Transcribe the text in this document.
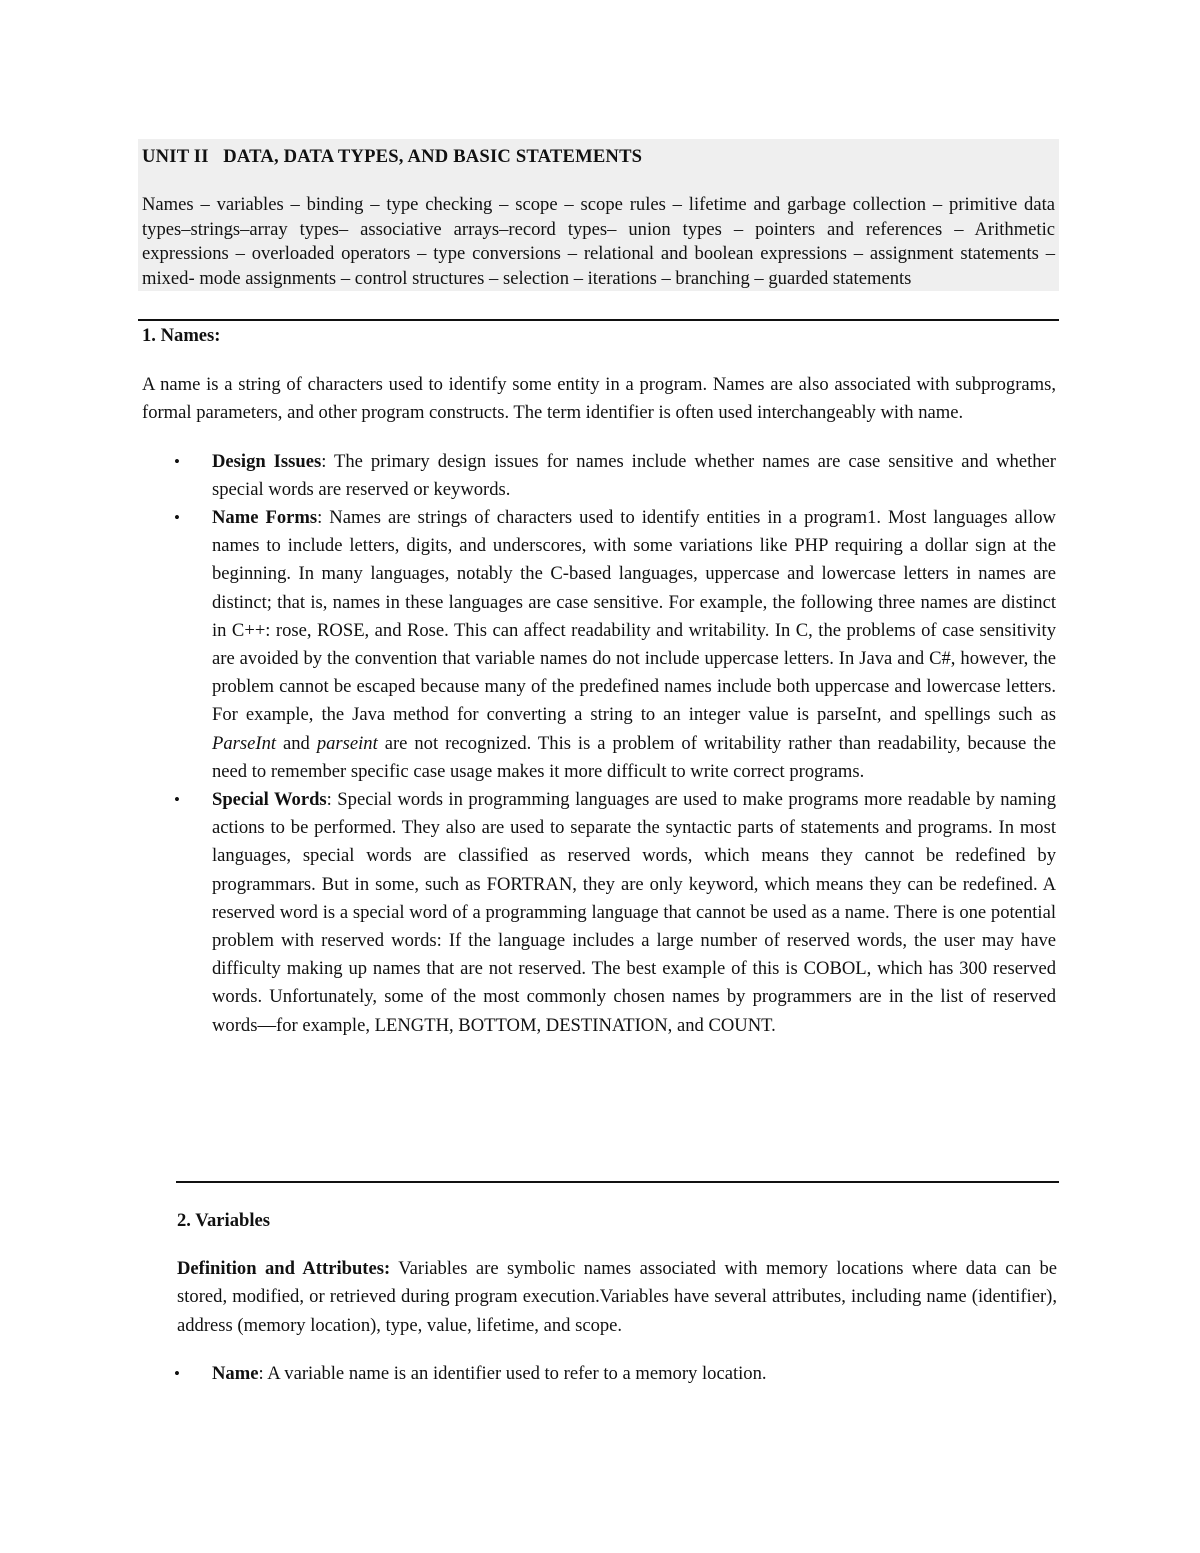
UNIT II   DATA, DATA TYPES, AND BASIC STATEMENTS

Names – variables – binding – type checking – scope – scope rules – lifetime and garbage collection – primitive data types–strings–array types– associative arrays–record types– union types – pointers and references – Arithmetic expressions – overloaded operators – type conversions – relational and boolean expressions – assignment statements – mixed- mode assignments – control structures – selection – iterations – branching – guarded statements

1. Names:

A name is a string of characters used to identify some entity in a program. Names are also associated with subprograms, formal parameters, and other program constructs. The term identifier is often used interchangeably with name.

• Design Issues: The primary design issues for names include whether names are case sensitive and whether special words are reserved or keywords.
• Name Forms: Names are strings of characters used to identify entities in a program1. Most languages allow names to include letters, digits, and underscores, with some variations like PHP requiring a dollar sign at the beginning. In many languages, notably the C-based languages, uppercase and lowercase letters in names are distinct; that is, names in these languages are case sensitive. For example, the following three names are distinct in C++: rose, ROSE, and Rose. This can affect readability and writability. In C, the problems of case sensitivity are avoided by the convention that variable names do not include uppercase letters. In Java and C#, however, the problem cannot be escaped because many of the predefined names include both uppercase and lowercase letters. For example, the Java method for converting a string to an integer value is parseInt, and spellings such as ParseInt and parseint are not recognized. This is a problem of writability rather than readability, because the need to remember specific case usage makes it more difficult to write correct programs.
• Special Words: Special words in programming languages are used to make programs more readable by naming actions to be performed. They also are used to separate the syntactic parts of statements and programs. In most languages, special words are classified as reserved words, which means they cannot be redefined by programmars. But in some, such as FORTRAN, they are only keyword, which means they can be redefined. A reserved word is a special word of a programming language that cannot be used as a name. There is one potential problem with reserved words: If the language includes a large number of reserved words, the user may have difficulty making up names that are not reserved. The best example of this is COBOL, which has 300 reserved words. Unfortunately, some of the most commonly chosen names by programmers are in the list of reserved words—for example, LENGTH, BOTTOM, DESTINATION, and COUNT.

2. Variables

Definition and Attributes: Variables are symbolic names associated with memory locations where data can be stored, modified, or retrieved during program execution.Variables have several attributes, including name (identifier), address (memory location), type, value, lifetime, and scope.

• Name: A variable name is an identifier used to refer to a memory location.
